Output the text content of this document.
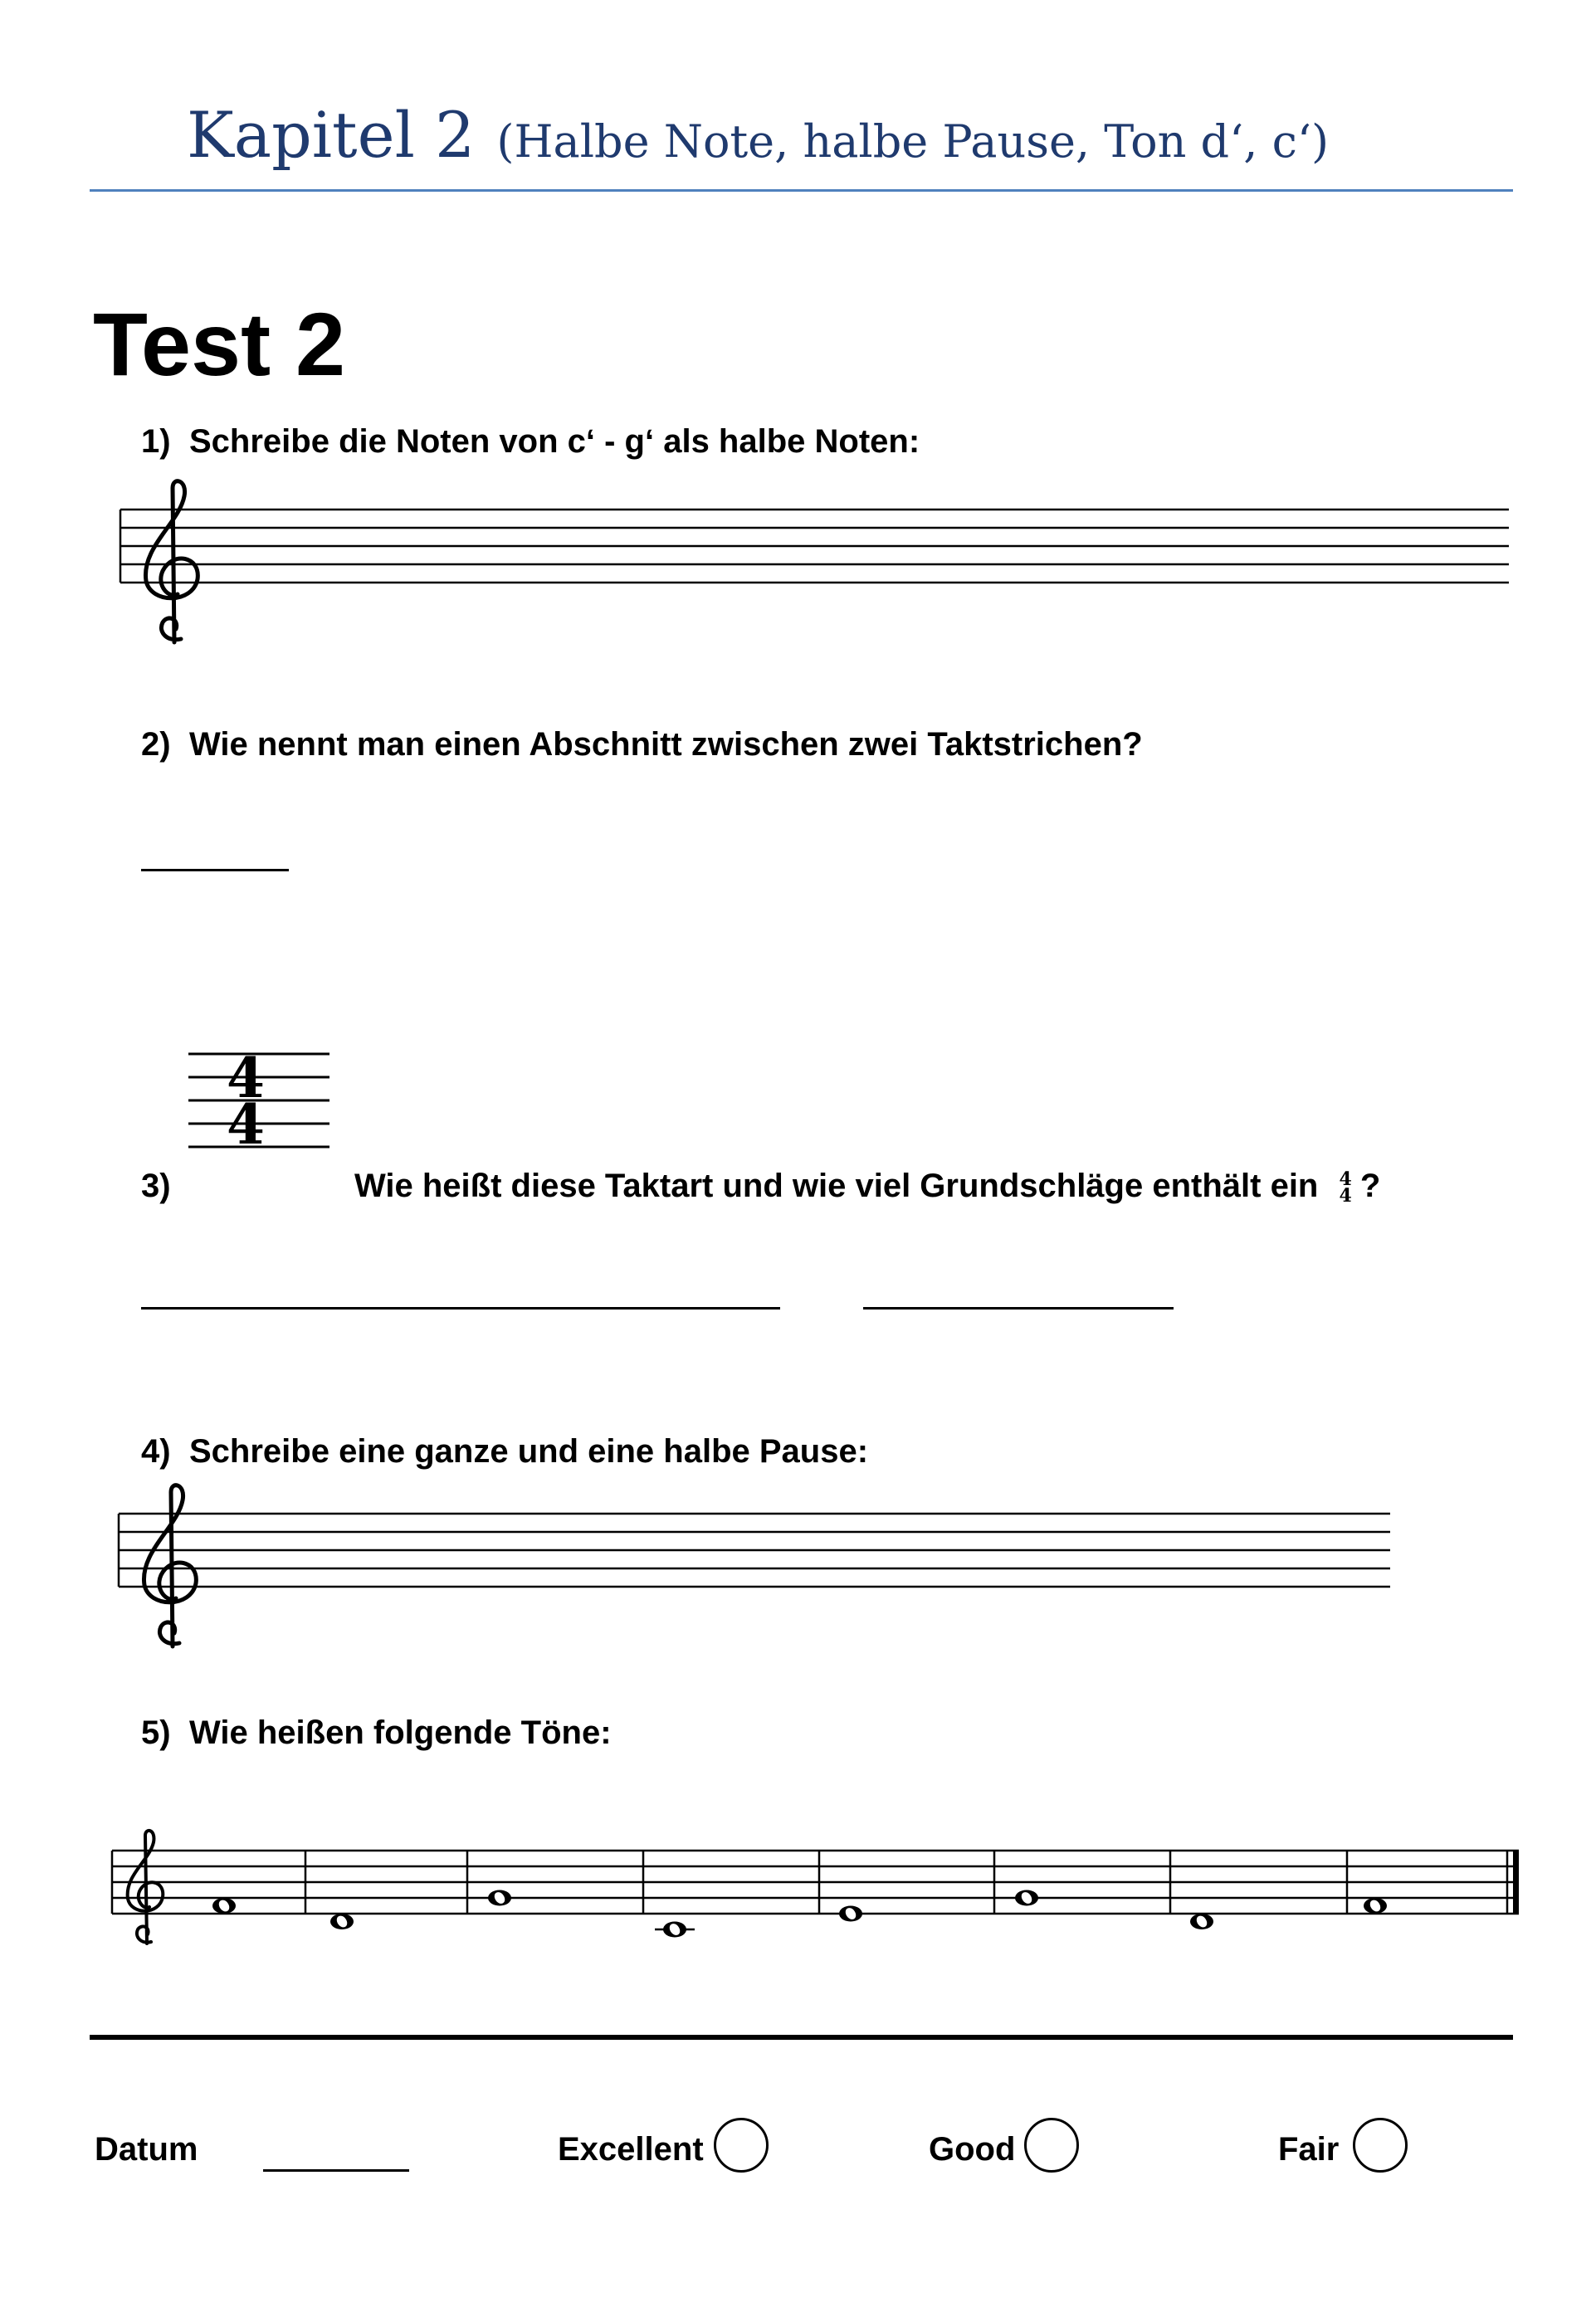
Kapitel 2 (Halbe Note, halbe Pause, Ton d‘, c‘)
Test 2
1) Schreibe die Noten von c‘ - g‘ als halbe Noten:
2) Wie nennt man einen Abschnitt zwischen zwei Taktstrichen?
4
4
3)	Wie heißt diese Taktart und wie viel Grundschläge enthält ein 4
4 ?
4) Schreibe eine ganze und eine halbe Pause:
5) Wie heißen folgende Töne:
Datum	Excellent	Good	Fair
